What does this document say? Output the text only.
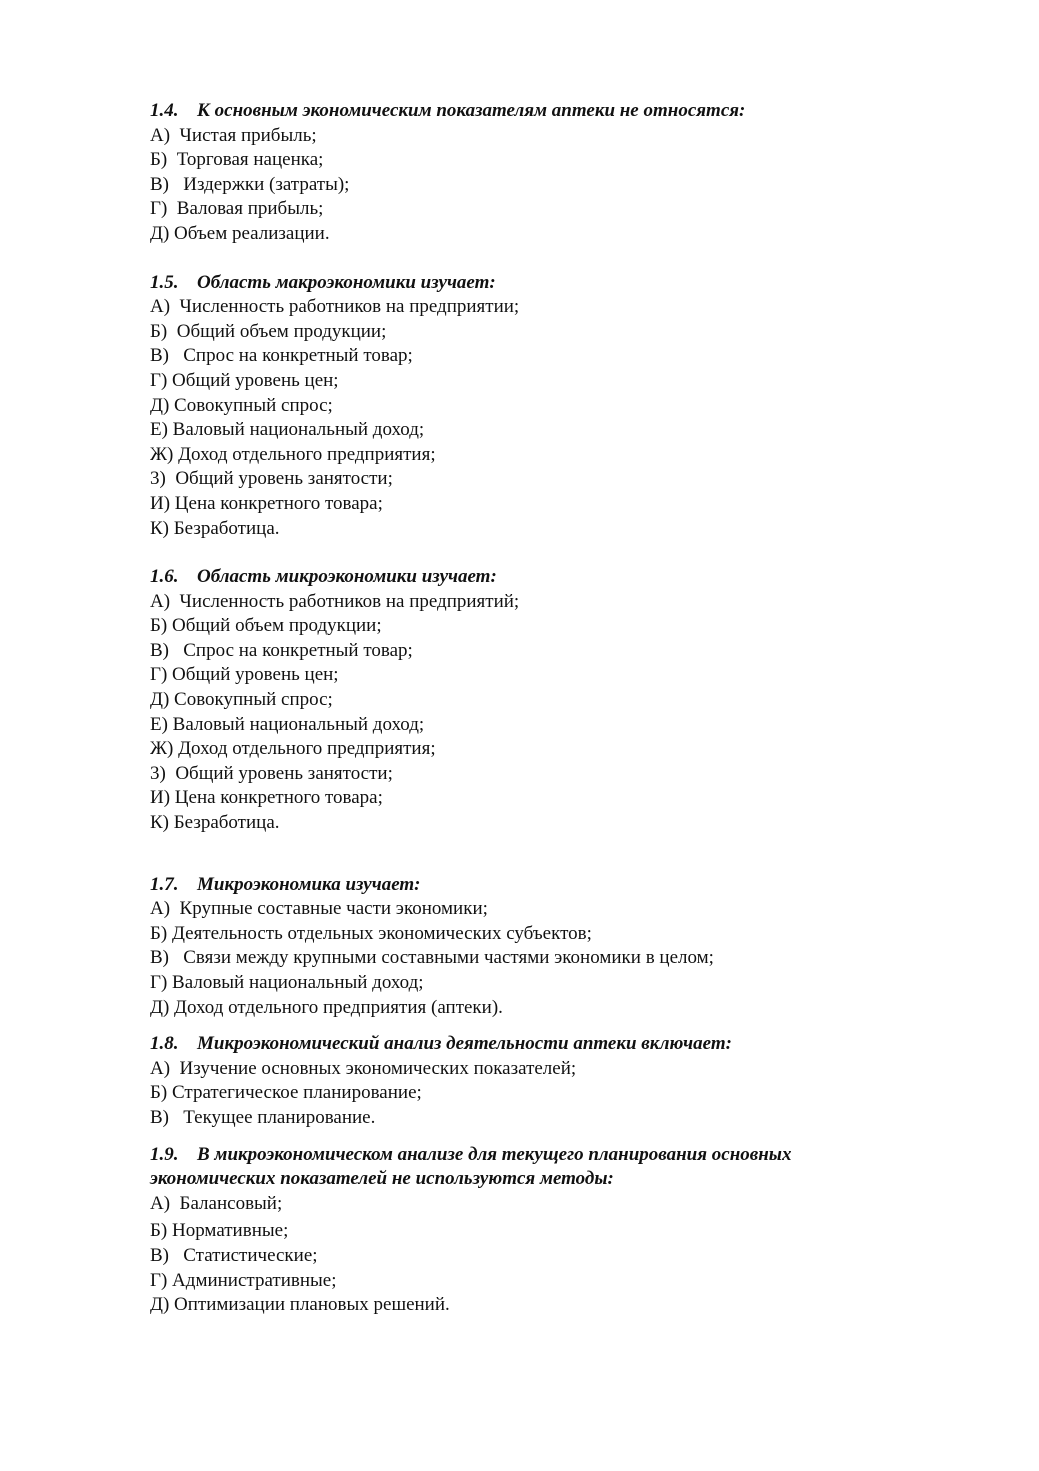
1.4. К основным экономическим показателям аптеки не относятся:

А)  Чистая прибыль;
Б)  Торговая наценка;
В)   Издержки (затраты);
Г)  Валовая прибыль;
Д) Объем реализации.

1.5. Область макроэкономики изучает:

А)  Численность работников на предприятии;
Б)  Общий объем продукции;
В)   Спрос на конкретный товар;
Г) Общий уровень цен;
Д) Совокупный спрос;
Е) Валовый национальный доход;
Ж) Доход отдельного предприятия;
3)  Общий уровень занятости;
И) Цена конкретного товара;
К) Безработица.

1.6. Область микроэкономики изучает:

А)  Численность работников на предприятий;
Б) Общий объем продукции;
В)   Спрос на конкретный товар;
Г) Общий уровень цен;
Д) Совокупный спрос;
Е) Валовый национальный доход;
Ж) Доход отдельного предприятия;
3)  Общий уровень занятости;
И) Цена конкретного товара;
К) Безработица.

1.7. Микроэкономика изучает:

А)  Крупные составные части экономики;
Б) Деятельность отдельных экономических субъектов;
В)   Связи между крупными составными частями экономики в целом;
Г) Валовый национальный доход;
Д) Доход отдельного предприятия (аптеки).

1.8. Микроэкономический анализ деятельности аптеки включает:

А)  Изучение основных экономических показателей;
Б) Стратегическое планирование;
В)   Текущее планирование.

1.9. В микроэкономическом анализе для текущего планирования основных экономических показателей не используются методы:

А)  Балансовый;
Б) Нормативные;
В)   Статистические;
Г) Административные;
Д) Оптимизации плановых решений.
